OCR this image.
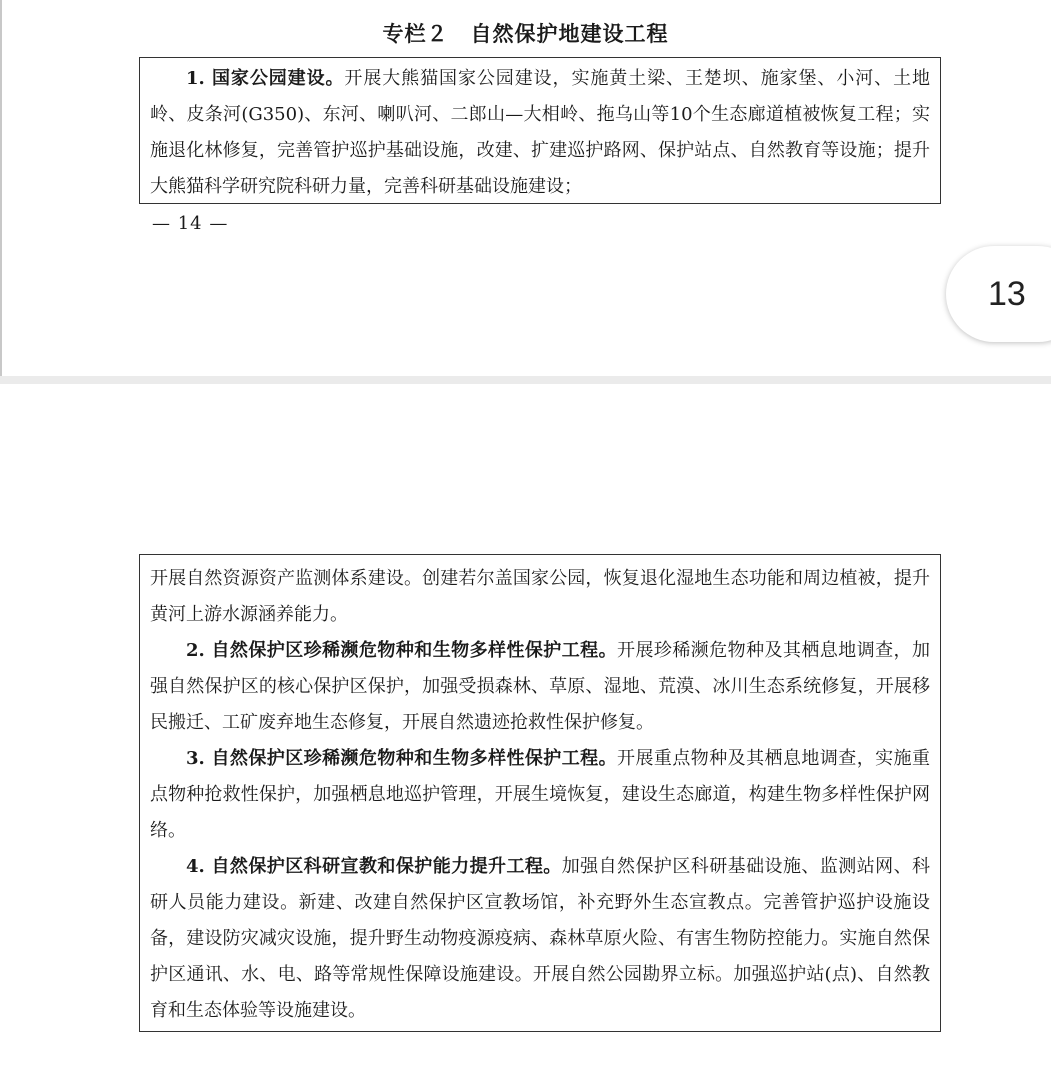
专栏２　自然保护地建设工程

1. 国家公园建设。开展大熊猫国家公园建设，实施黄土梁、王楚坝、施家堡、小河、土地岭、皮条河(G350)、东河、喇叭河、二郎山—大相岭、拖乌山等10个生态廊道植被恢复工程；实施退化林修复，完善管护巡护基础设施，改建、扩建巡护路网、保护站点、自然教育等设施；提升大熊猫科学研究院科研力量，完善科研基础设施建设；

— 14 —

开展自然资源资产监测体系建设。创建若尔盖国家公园，恢复退化湿地生态功能和周边植被，提升黄河上游水源涵养能力。

2. 自然保护区珍稀濒危物种和生物多样性保护工程。开展珍稀濒危物种及其栖息地调查，加强自然保护区的核心保护区保护，加强受损森林、草原、湿地、荒漠、冰川生态系统修复，开展移民搬迁、工矿废弃地生态修复，开展自然遗迹抢救性保护修复。

3. 自然保护区珍稀濒危物种和生物多样性保护工程。开展重点物种及其栖息地调查，实施重点物种抢救性保护，加强栖息地巡护管理，开展生境恢复，建设生态廊道，构建生物多样性保护网络。

4. 自然保护区科研宣教和保护能力提升工程。加强自然保护区科研基础设施、监测站网、科研人员能力建设。新建、改建自然保护区宣教场馆，补充野外生态宣教点。完善管护巡护设施设备，建设防灾减灾设施，提升野生动物疫源疫病、森林草原火险、有害生物防控能力。实施自然保护区通讯、水、电、路等常规性保障设施建设。开展自然公园勘界立标。加强巡护站(点)、自然教育和生态体验等设施建设。

13
